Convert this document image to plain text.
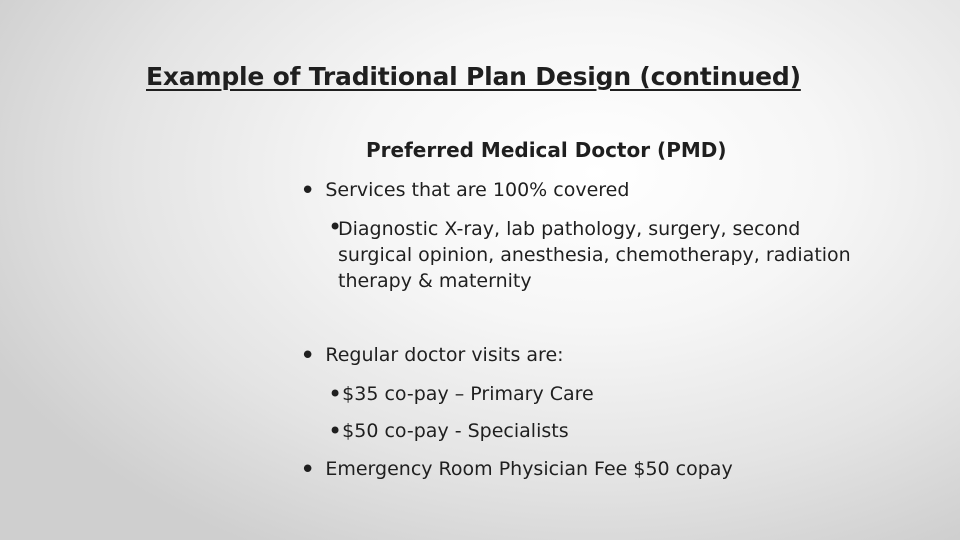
Example of Traditional Plan Design (continued)
Preferred Medical Doctor (PMD)
• Services that are 100% covered
•
Diagnostic X-ray, lab pathology, surgery, second surgical opinion, anesthesia, chemotherapy, radiation therapy & maternity
• Regular doctor visits are:
•$35 co-pay – Primary Care
•$50 co-pay - Specialists
• Emergency Room Physician Fee $50 copay
